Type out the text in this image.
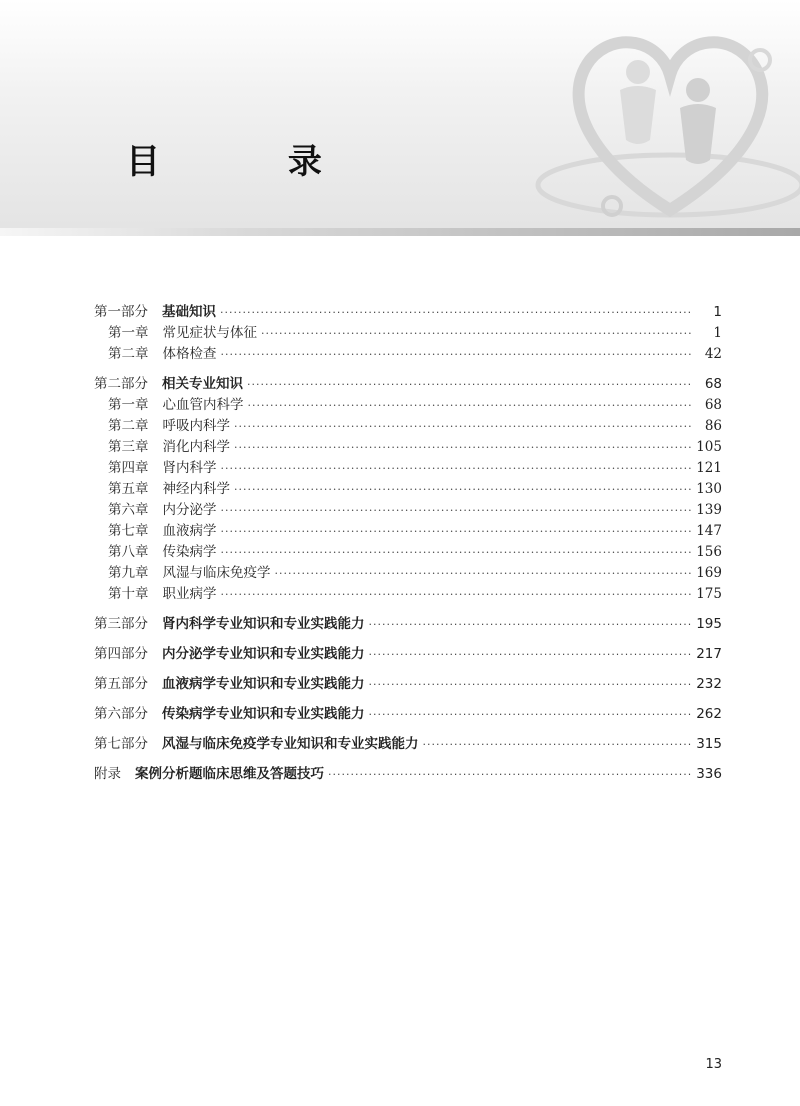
目 录
第一部分 基础知识 ·····	1
第一章 常见症状与体征 ·····	1
第二章 体格检查 ·····	42
第二部分 相关专业知识 ·····	68
第一章 心血管内科学 ·····	68
第二章 呼吸内科学 ·····	86
第三章 消化内科学 ·····	105
第四章 肾内科学 ·····	121
第五章 神经内科学 ·····	130
第六章 内分泌学 ·····	139
第七章 血液病学 ·····	147
第八章 传染病学 ·····	156
第九章 风湿与临床免疫学 ·····	169
第十章 职业病学 ·····	175
第三部分 肾内科学专业知识和专业实践能力 ·····	195
第四部分 内分泌学专业知识和专业实践能力 ·····	217
第五部分 血液病学专业知识和专业实践能力 ·····	232
第六部分 传染病学专业知识和专业实践能力 ·····	262
第七部分 风湿与临床免疫学专业知识和专业实践能力 ·····	315
附录 案例分析题临床思维及答题技巧 ·····	336
13
